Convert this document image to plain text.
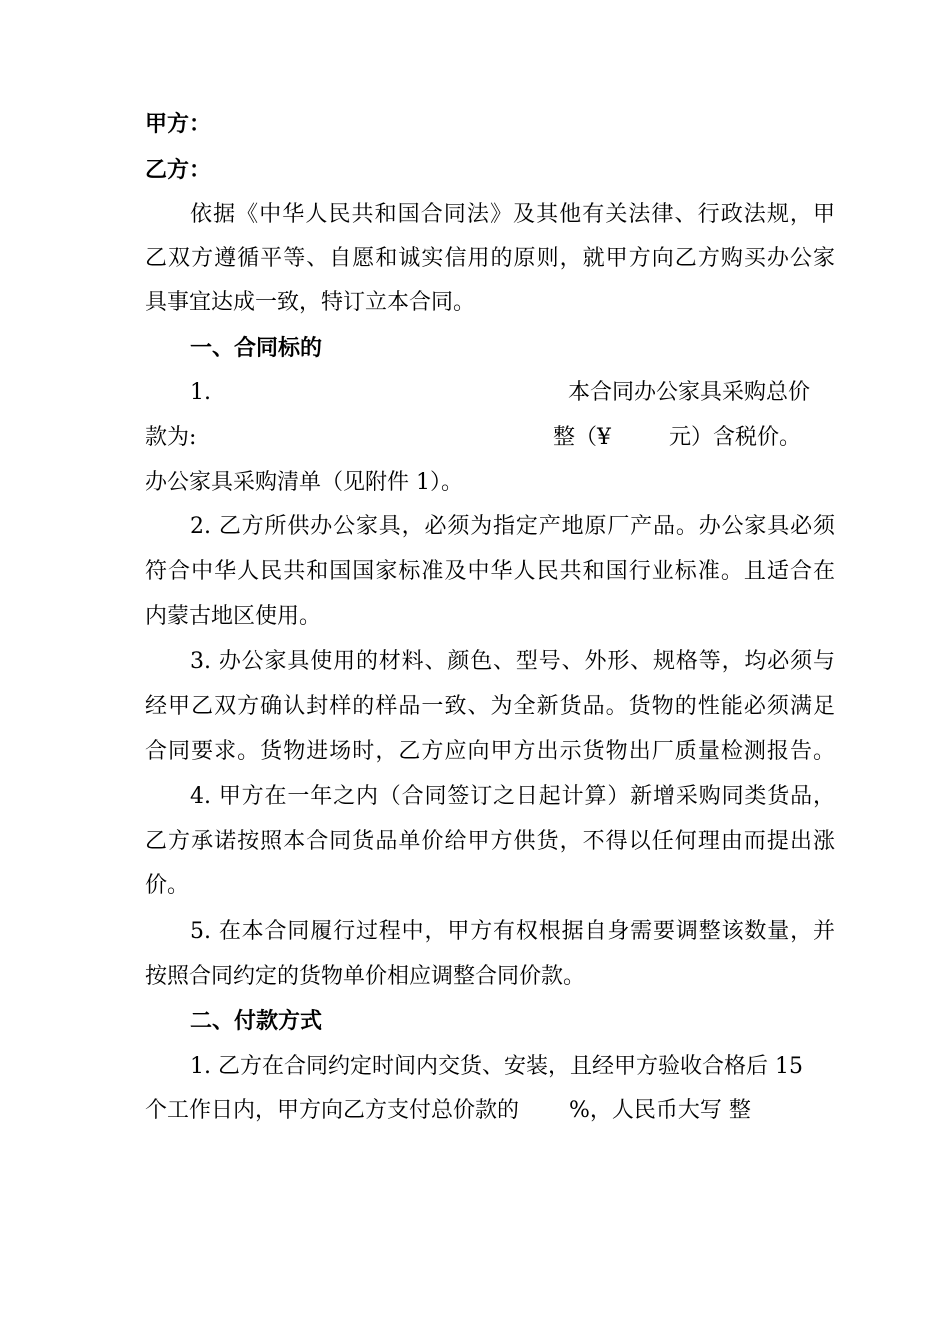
甲方：
乙方：
依据《中华人民共和国合同法》及其他有关法律、行政法规，甲
乙双方遵循平等、自愿和诚实信用的原则，就甲方向乙方购买办公家
具事宜达成一致，特订立本合同。
一、合同标的
1.	本合同办公家具采购总价
款为:	整（¥	元）含税价。
办公家具采购清单（见附件 1）。
2. 乙方所供办公家具，必须为指定产地原厂产品。办公家具必须
符合中华人民共和国国家标准及中华人民共和国行业标准。且适合在
内蒙古地区使用。
3. 办公家具使用的材料、颜色、型号、外形、规格等，均必须与
经甲乙双方确认封样的样品一致、为全新货品。货物的性能必须满足
合同要求。货物进场时，乙方应向甲方出示货物出厂质量检测报告。
4. 甲方在一年之内（合同签订之日起计算）新增采购同类货品，
乙方承诺按照本合同货品单价给甲方供货，不得以任何理由而提出涨
价。
5. 在本合同履行过程中，甲方有权根据自身需要调整该数量，并
按照合同约定的货物单价相应调整合同价款。
二、付款方式
1. 乙方在合同约定时间内交货、安装，且经甲方验收合格后 15
个工作日内，甲方向乙方支付总价款的 %，人民币大写 整
